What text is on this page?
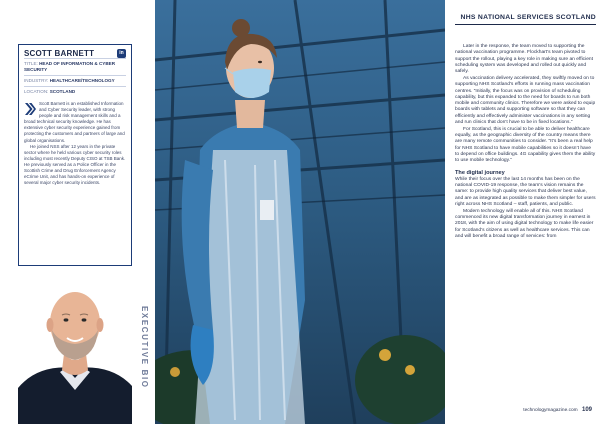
SCOTT BARNETT	in
TITLE: HEAD OF INFORMATION & CYBER SECURITY
INDUSTRY: HEALTHCARE/TECHNOLOGY
LOCATION: SCOTLAND

Scott Barnett is an established Information and Cyber Security leader, with strong people and risk management skills and a broad technical security knowledge. He has extensive cyber security experience gained from protecting the customers and partners of large and global organisations.

He joined NSS after 12 years in the private sector where he held various cyber security roles including most recently Deputy CISO at TSB Bank. He previously served as a Police Officer in the Scottish Crime and Drug Enforcement Agency eCrime Unit, and has hands-on experience of several major cyber security incidents.

EXECUTIVE BIO
NHS NATIONAL SERVICES SCOTLAND

Later in the response, the team moved to supporting the national vaccination programme. Flockhart’s team pivoted to support the rollout, playing a key role in making sure an efficient scheduling system was developed and rolled out quickly and safely.

As vaccination delivery accelerated, they swiftly moved on to supporting NHS Scotland’s efforts in running mass vaccination centres. “Initially, the focus was on provision of scheduling capability, but this expanded to the need for boards to run both mobile and community clinics. Therefore we were asked to equip boards with tablets and supporting software so that they can efficiently and effectively administer vaccinations in any setting and run clinics that don’t have to be in fixed locations.”

For Scotland, this is crucial to be able to deliver healthcare equally, as the geographic diversity of the country means there are many remote communities to consider. “It’s been a real help for NHS Scotland to have mobile capabilities so it doesn’t have to depend on office buildings. 4G capability gives them the ability to use mobile technology.”

The digital journey

While their focus over the last 14 months has been on the national COVID-19 response, the team’s vision remains the same: to provide high quality services that deliver best value, and are as integrated as possible to make them simpler for users right across NHS Scotland – staff, patients, and public.

Modern technology will enable all of this. NHS Scotland commenced its new digital transformation journey in earnest in 2018, with the aim of using digital technology to make life easier for Scotland’s citizens as well as healthcare services. This can and will benefit a broad range of services: from

technologymagazine.com 109
